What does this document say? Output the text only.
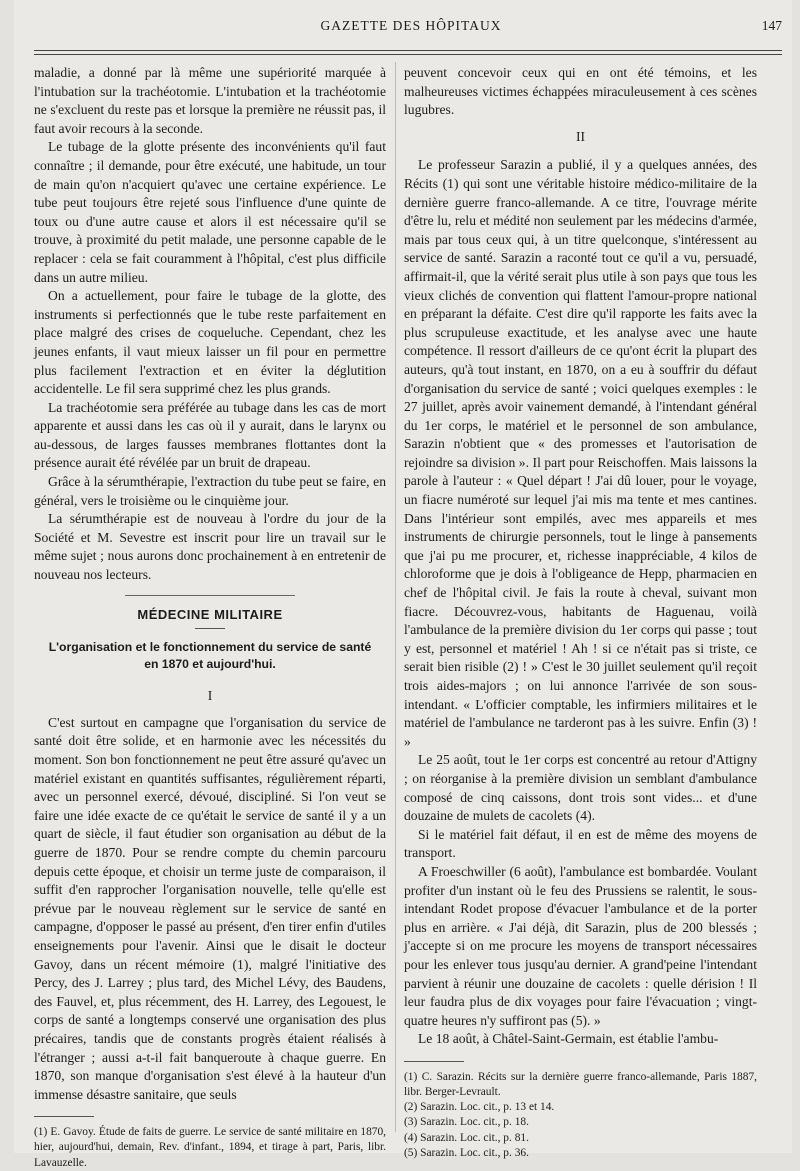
GAZETTE DES HÔPITAUX	147

maladie, a donné par là même une supériorité marquée à l'intubation sur la trachéotomie. L'intubation et la trachéotomie ne s'excluent du reste pas et lorsque la première ne réussit pas, il faut avoir recours à la seconde.

Le tubage de la glotte présente des inconvénients qu'il faut connaître ; il demande, pour être exécuté, une habitude, un tour de main qu'on n'acquiert qu'avec une certaine expérience. Le tube peut toujours être rejeté sous l'influence d'une quinte de toux ou d'une autre cause et alors il est nécessaire qu'il se trouve, à proximité du petit malade, une personne capable de le replacer : cela se fait couramment à l'hôpital, c'est plus difficile dans un autre milieu.

On a actuellement, pour faire le tubage de la glotte, des instruments si perfectionnés que le tube reste parfaitement en place malgré des crises de coqueluche. Cependant, chez les jeunes enfants, il vaut mieux laisser un fil pour en permettre plus facilement l'extraction et en éviter la déglutition accidentelle. Le fil sera supprimé chez les plus grands.

La trachéotomie sera préférée au tubage dans les cas de mort apparente et aussi dans les cas où il y aurait, dans le larynx ou au-dessous, de larges fausses membranes flottantes dont la présence aurait été révélée par un bruit de drapeau.

Grâce à la sérumthérapie, l'extraction du tube peut se faire, en général, vers le troisième ou le cinquième jour.

La sérumthérapie est de nouveau à l'ordre du jour de la Société et M. Sevestre est inscrit pour lire un travail sur le même sujet ; nous aurons donc prochainement à en entretenir de nouveau nos lecteurs.

MÉDECINE MILITAIRE
L'organisation et le fonctionnement du service de santé en 1870 et aujourd'hui.
I

C'est surtout en campagne que l'organisation du service de santé doit être solide, et en harmonie avec les nécessités du moment. Son bon fonctionnement ne peut être assuré qu'avec un matériel existant en quantités suffisantes, régulièrement réparti, avec un personnel exercé, dévoué, discipliné. Si l'on veut se faire une idée exacte de ce qu'était le service de santé il y a un quart de siècle, il faut étudier son organisation au début de la guerre de 1870. Pour se rendre compte du chemin parcouru depuis cette époque, et choisir un terme juste de comparaison, il suffit d'en rapprocher l'organisation nouvelle, telle qu'elle est prévue par le nouveau règlement sur le service de santé en campagne, d'opposer le passé au présent, d'en tirer enfin d'utiles enseignements pour l'avenir. Ainsi que le disait le docteur Gavoy, dans un récent mémoire (1), malgré l'initiative des Percy, des J. Larrey ; plus tard, des Michel Lévy, des Baudens, des Fauvel, et, plus récemment, des H. Larrey, des Legouest, le corps de santé a longtemps conservé une organisation des plus précaires, tandis que de constants progrès étaient réalisés à l'étranger ; aussi a-t-il fait banqueroute à chaque guerre. En 1870, son manque d'organisation s'est élevé à la hauteur d'un immense désastre sanitaire, que seuls

(1) E. Gavoy. Étude de faits de guerre. Le service de santé militaire en 1870, hier, aujourd'hui, demain, Rev. d'infant., 1894, et tirage à part, Paris, libr. Lavauzelle.

peuvent concevoir ceux qui en ont été témoins, et les malheureuses victimes échappées miraculeusement à ces scènes lugubres.

II

Le professeur Sarazin a publié, il y a quelques années, des Récits (1) qui sont une véritable histoire médico-militaire de la dernière guerre franco-allemande. A ce titre, l'ouvrage mérite d'être lu, relu et médité non seulement par les médecins d'armée, mais par tous ceux qui, à un titre quelconque, s'intéressent au service de santé. Sarazin a raconté tout ce qu'il a vu, persuadé, affirmait-il, que la vérité serait plus utile à son pays que tous les vieux clichés de convention qui flattent l'amour-propre national en préparant la défaite. C'est dire qu'il rapporte les faits avec la plus scrupuleuse exactitude, et les analyse avec une haute compétence. Il ressort d'ailleurs de ce qu'ont écrit la plupart des auteurs, qu'à tout instant, en 1870, on a eu à souffrir du défaut d'organisation du service de santé ; voici quelques exemples : le 27 juillet, après avoir vainement demandé, à l'intendant général du 1er corps, le matériel et le personnel de son ambulance, Sarazin n'obtient que « des promesses et l'autorisation de rejoindre sa division ». Il part pour Reischoffen. Mais laissons la parole à l'auteur : « Quel départ ! J'ai dû louer, pour le voyage, un fiacre numéroté sur lequel j'ai mis ma tente et mes cantines. Dans l'intérieur sont empilés, avec mes appareils et mes instruments de chirurgie personnels, tout le linge à pansements que j'ai pu me procurer, et, richesse inappréciable, 4 kilos de chloroforme que je dois à l'obligeance de Hepp, pharmacien en chef de l'hôpital civil. Je fais la route à cheval, suivant mon fiacre. Découvrez-vous, habitants de Haguenau, voilà l'ambulance de la première division du 1er corps qui passe ; tout y est, personnel et matériel ! Ah ! si ce n'était pas si triste, ce serait bien risible (2) ! » C'est le 30 juillet seulement qu'il reçoit trois aides-majors ; on lui annonce l'arrivée de son sous-intendant. « L'officier comptable, les infirmiers militaires et le matériel de l'ambulance ne tarderont pas à les suivre. Enfin (3) ! »

Le 25 août, tout le 1er corps est concentré au retour d'Attigny ; on réorganise à la première division un semblant d'ambulance composé de cinq caissons, dont trois sont vides... et d'une douzaine de mulets de cacolets (4).

Si le matériel fait défaut, il en est de même des moyens de transport.

A Froeschwiller (6 août), l'ambulance est bombardée. Voulant profiter d'un instant où le feu des Prussiens se ralentit, le sous-intendant Rodet propose d'évacuer l'ambulance et de la porter plus en arrière. « J'ai déjà, dit Sarazin, plus de 200 blessés ; j'accepte si on me procure les moyens de transport nécessaires pour les enlever tous jusqu'au dernier. A grand'peine l'intendant parvient à réunir une douzaine de cacolets : quelle dérision ! Il leur faudra plus de dix voyages pour faire l'évacuation ; vingt-quatre heures n'y suffiront pas (5). »

Le 18 août, à Châtel-Saint-Germain, est établie l'ambu-

(1) C. Sarazin. Récits sur la dernière guerre franco-allemande, Paris 1887, libr. Berger-Levrault.

(2) Sarazin. Loc. cit., p. 13 et 14.

(3) Sarazin. Loc. cit., p. 18.

(4) Sarazin. Loc. cit., p. 81.

(5) Sarazin. Loc. cit., p. 36.
